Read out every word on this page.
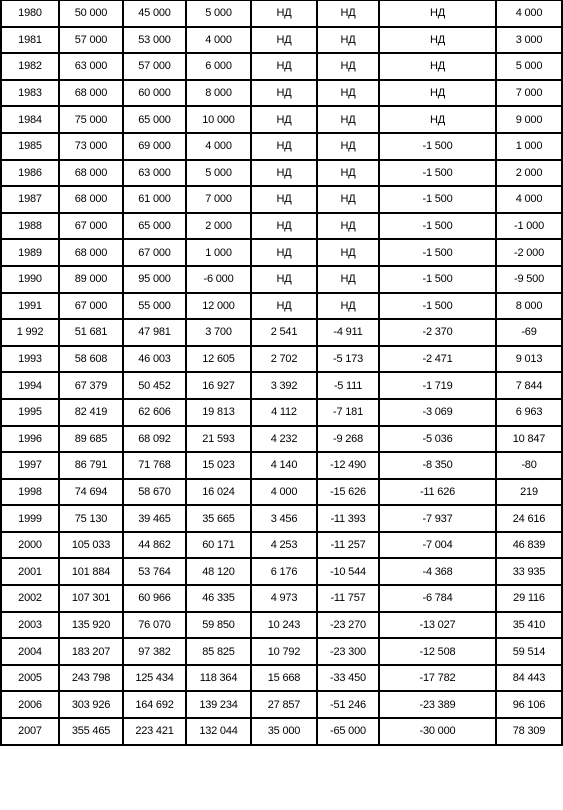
1980	50 000	45 000	5 000	НД	НД	НД	4 000
1981	57 000	53 000	4 000	НД	НД	НД	3 000
1982	63 000	57 000	6 000	НД	НД	НД	5 000
1983	68 000	60 000	8 000	НД	НД	НД	7 000
1984	75 000	65 000	10 000	НД	НД	НД	9 000
1985	73 000	69 000	4 000	НД	НД	-1 500	1 000
1986	68 000	63 000	5 000	НД	НД	-1 500	2 000
1987	68 000	61 000	7 000	НД	НД	-1 500	4 000
1988	67 000	65 000	2 000	НД	НД	-1 500	-1 000
1989	68 000	67 000	1 000	НД	НД	-1 500	-2 000
1990	89 000	95 000	-6 000	НД	НД	-1 500	-9 500
1991	67 000	55 000	12 000	НД	НД	-1 500	8 000
1 992	51 681	47 981	3 700	2 541	-4 911	-2 370	-69
1993	58 608	46 003	12 605	2 702	-5 173	-2 471	9 013
1994	67 379	50 452	16 927	3 392	-5 111	-1 719	7 844
1995	82 419	62 606	19 813	4 112	-7 181	-3 069	6 963
1996	89 685	68 092	21 593	4 232	-9 268	-5 036	10 847
1997	86 791	71 768	15 023	4 140	-12 490	-8 350	-80
1998	74 694	58 670	16 024	4 000	-15 626	-11 626	219
1999	75 130	39 465	35 665	3 456	-11 393	-7 937	24 616
2000	105 033	44 862	60 171	4 253	-11 257	-7 004	46 839
2001	101 884	53 764	48 120	6 176	-10 544	-4 368	33 935
2002	107 301	60 966	46 335	4 973	-11 757	-6 784	29 116
2003	135 920	76 070	59 850	10 243	-23 270	-13 027	35 410
2004	183 207	97 382	85 825	10 792	-23 300	-12 508	59 514
2005	243 798	125 434	118 364	15 668	-33 450	-17 782	84 443
2006	303 926	164 692	139 234	27 857	-51 246	-23 389	96 106
2007	355 465	223 421	132 044	35 000	-65 000	-30 000	78 309
